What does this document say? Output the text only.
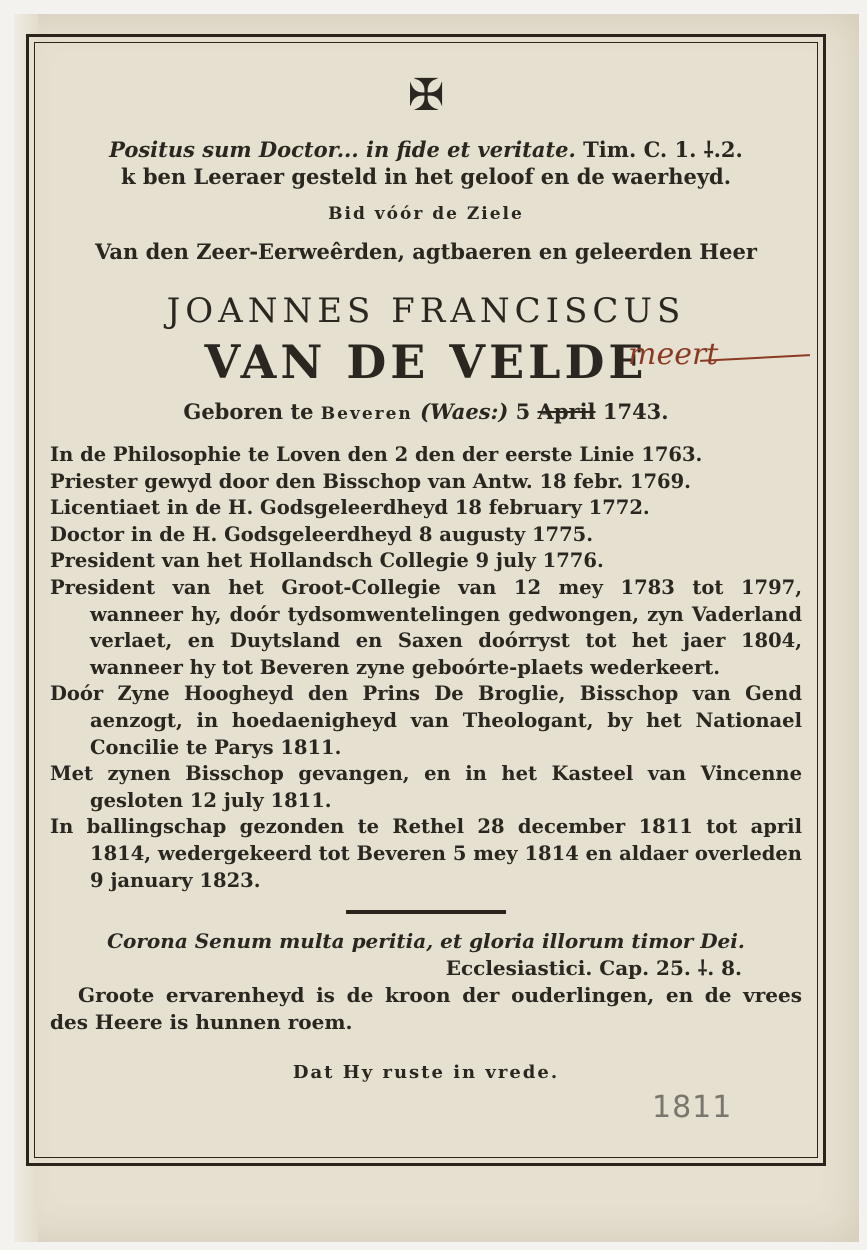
✠
Positus sum Doctor... in fide et veritate. Tim. C. 1. ⸸.2.
k ben Leeraer gesteld in het geloof en de waerheyd.
Bid vóór de Ziele
Van den Zeer-Eerweêrden, agtbaeren en geleerden Heer
JOANNES FRANCISCUS
VAN DE VELDE
meert
Geboren te Beveren (Waes:) 5 April 1743.
In de Philosophie te Loven den 2 den der eerste Linie 1763.
Priester gewyd door den Bisschop van Antw. 18 febr. 1769.
Licentiaet in de H. Godsgeleerdheyd 18 february 1772.
Doctor in de H. Godsgeleerdheyd 8 augusty 1775.
President van het Hollandsch Collegie 9 july 1776.
President van het Groot-Collegie van 12 mey 1783 tot 1797, wanneer hy, doór tydsomwentelingen gedwongen, zyn Vaderland verlaet, en Duytsland en Saxen doórryst tot het jaer 1804, wanneer hy tot Beveren zyne geboórte-plaets wederkeert.
Doór Zyne Hoogheyd den Prins De Broglie, Bisschop van Gend aenzogt, in hoedaenigheyd van Theologant, by het Nationael Concilie te Parys 1811.
Met zynen Bisschop gevangen, en in het Kasteel van Vincenne gesloten 12 july 1811.
In ballingschap gezonden te Rethel 28 december 1811 tot april 1814, wedergekeerd tot Beveren 5 mey 1814 en aldaer overleden 9 january 1823.
Corona Senum multa peritia, et gloria illorum timor Dei.
Ecclesiastici. Cap. 25. ⸸. 8.
Groote ervarenheyd is de kroon der ouderlingen, en de vrees des Heere is hunnen roem.
Dat Hy ruste in vrede.
1811
